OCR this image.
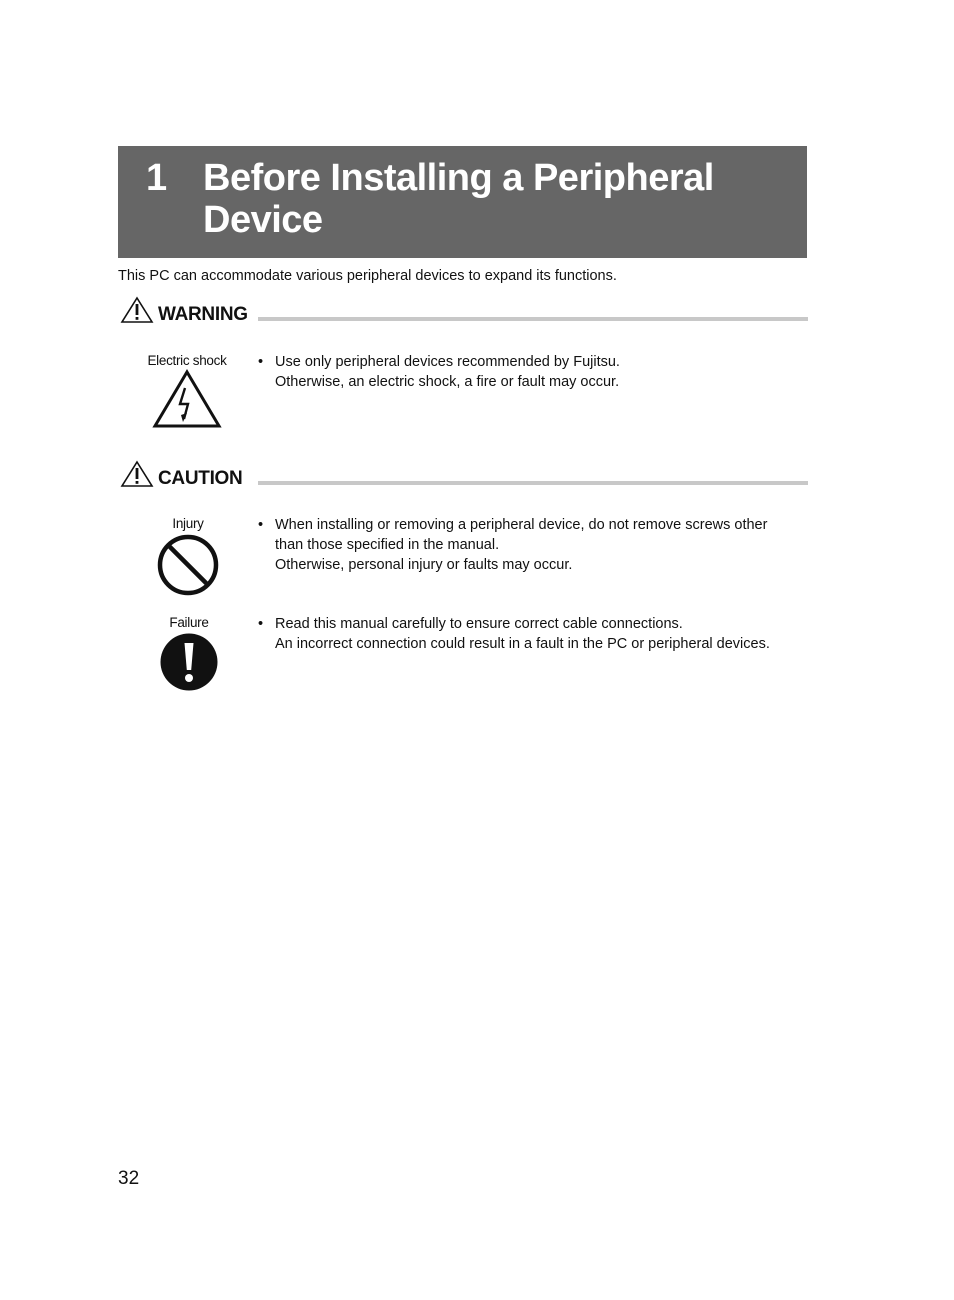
1 Before Installing a Peripheral Device
This PC can accommodate various peripheral devices to expand its functions.
WARNING
Electric shock	• Use only peripheral devices recommended by Fujitsu.
Otherwise, an electric shock, a fire or fault may occur.
CAUTION
Injury	• When installing or removing a peripheral device, do not remove screws other
than those specified in the manual.
Otherwise, personal injury or faults may occur.
Failure	• Read this manual carefully to ensure correct cable connections.
An incorrect connection could result in a fault in the PC or peripheral devices.
32
